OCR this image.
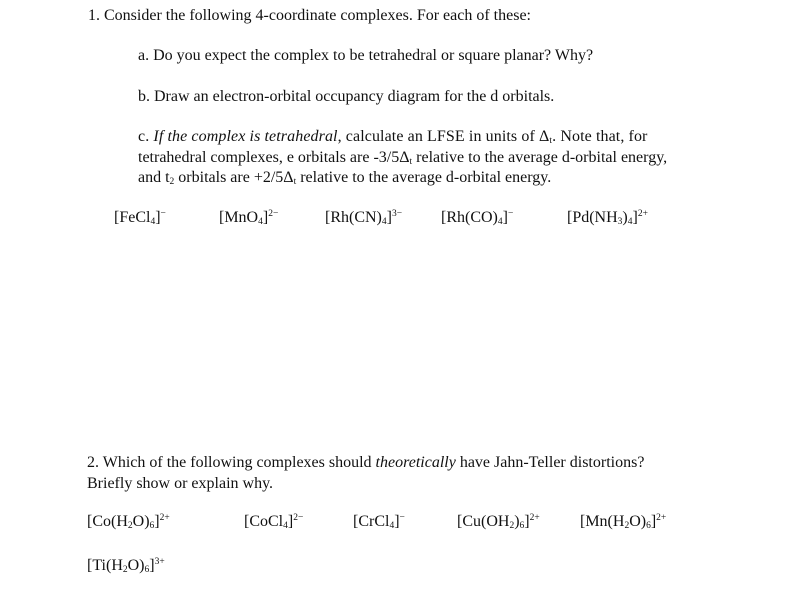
1. Consider the following 4-coordinate complexes. For each of these:
a. Do you expect the complex to be tetrahedral or square planar? Why?
b. Draw an electron-orbital occupancy diagram for the d orbitals.
c. If the complex is tetrahedral, calculate an LFSE in units of $\Delta_t$. Note that, for
tetrahedral complexes, e orbitals are $-3/5\Delta_t$ relative to the average d-orbital energy,
and $t_2$ orbitals are $+2/5\Delta_t$ relative to the average d-orbital energy.
[FeCl$_4$]−	$[MnO_4]^{2-}$	$[Rh(CN)_4]^{3-}$ $[Rh(CO)_4]^-$	$[Pd(NH_3)_4]^{2+}$
2. Which of the following complexes should theoretically have Jahn-Teller distortions?
Briefly show or explain why.
$[Co(H_2O)_6]^{2+}$	[CoCl$_4$]$^{2-}$	[CrCl$_4$]−	$[Cu(OH_2)_6]^{2+}$	$[Mn(H_2O)_6]^{2+}$
$[Ti(H_2O)_6]^{3+}$
